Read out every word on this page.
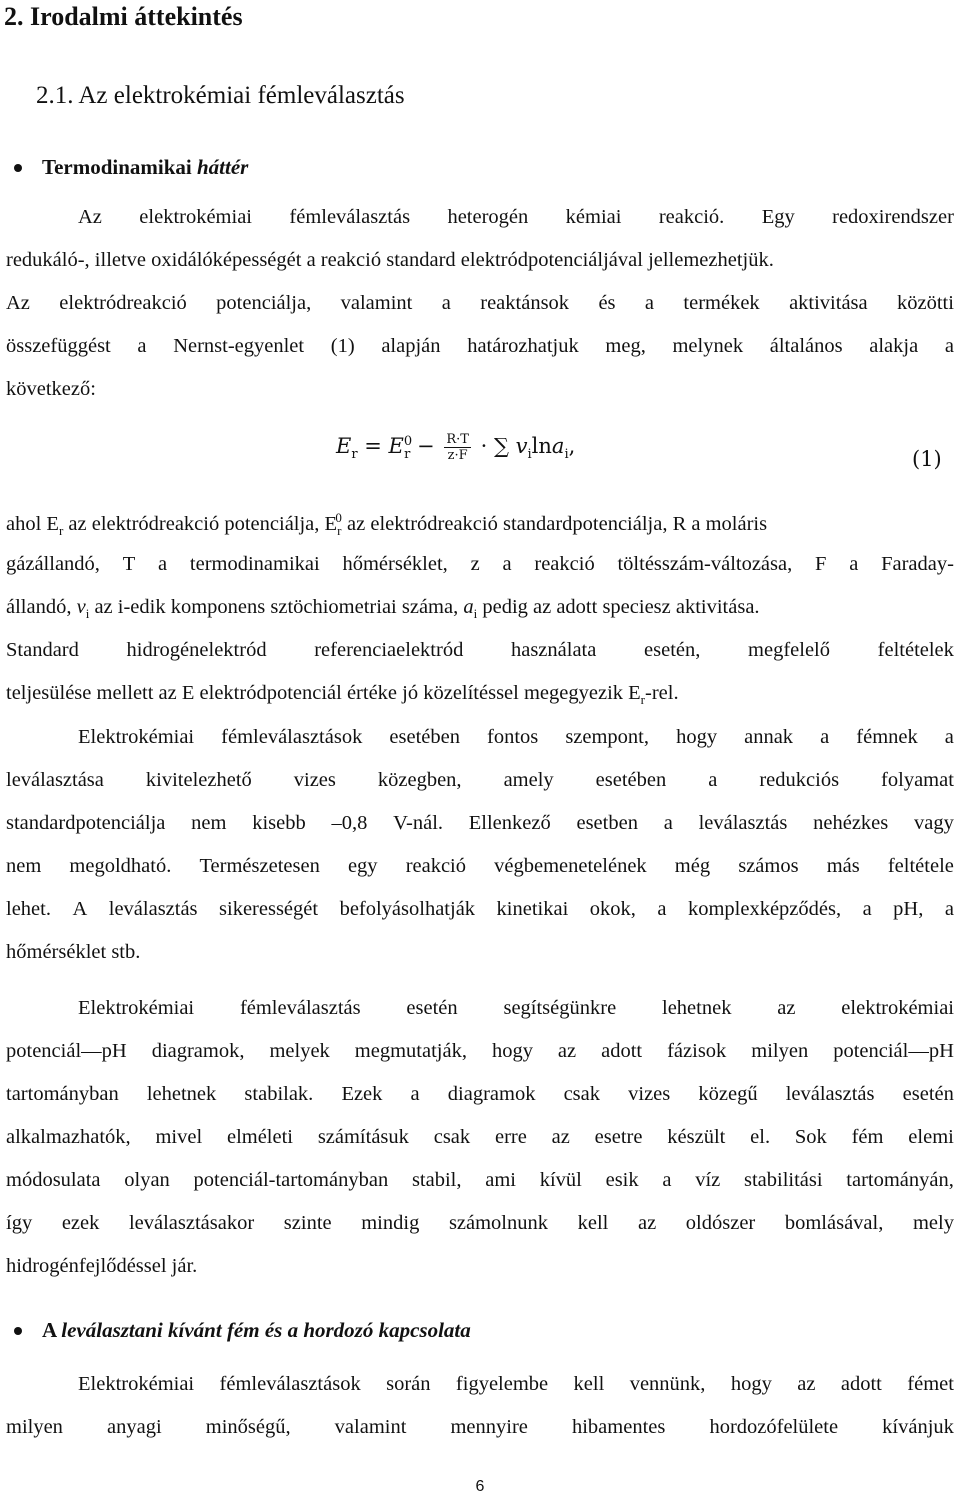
2. Irodalmi áttekintés
2.1. Az elektrokémiai fémleválasztás
Termodinamikai háttér
Az elektrokémiai fémleválasztás heterogén kémiai reakció. Egy redoxirendszer
redukáló-, illetve oxidálóképességét a reakció standard elektródpotenciáljával jellemezhetjük.
Az elektródreakció potenciálja, valamint a reaktánsok és a termékek aktivitása közötti
összefüggést a Nernst-egyenlet (1) alapján határozhatjuk meg, melynek általános alakja a
következő:
$E_r = E^0_r - \frac{R\cdot T}{z\cdot F}$ · ∑ $v_i\ln a_i$,
(1)
ahol $E_r$ az elektródreakció potenciálja, $E_r^0$ az elektródreakció standardpotenciálja, R a moláris
gázállandó, T a termodinamikai hőmérséklet, z a reakció töltésszám-változása, F a Faraday-
állandó, $v_i$ az i-edik komponens sztöchiometriai száma, $a_i$ pedig az adott speciesz aktivitása.
Standard hidrogénelektród referenciaelektród használata esetén, megfelelő feltételek
teljesülése mellett az E elektródpotenciál értéke jó közelítéssel megegyezik $E_r$-rel.
Elektrokémiai fémleválasztások esetében fontos szempont, hogy annak a fémnek a
leválasztása kivitelezhető vizes közegben, amely esetében a redukciós folyamat
standardpotenciálja nem kisebb –0,8 V-nál. Ellenkező esetben a leválasztás nehézkes vagy
nem megoldható. Természetesen egy reakció végbemenetelének még számos más feltétele
lehet. A leválasztás sikerességét befolyásolhatják kinetikai okok, a komplexképződés, a pH, a
hőmérséklet stb.
Elektrokémiai fémleválasztás esetén segítségünkre lehetnek az elektrokémiai
potenciál—pH diagramok, melyek megmutatják, hogy az adott fázisok milyen potenciál—pH
tartományban lehetnek stabilak. Ezek a diagramok csak vizes közegű leválasztás esetén
alkalmazhatók, mivel elméleti számításuk csak erre az esetre készült el. Sok fém elemi
módosulata olyan potenciál-tartományban stabil, ami kívül esik a víz stabilitási tartományán,
így ezek leválasztásakor szinte mindig számolnunk kell az oldószer bomlásával, mely
hidrogénfejlődéssel jár.
A leválasztani kívánt fém és a hordozó kapcsolata
Elektrokémiai fémleválasztások során figyelembe kell vennünk, hogy az adott fémet
milyen anyagi minőségű, valamint mennyire hibamentes hordozófelülete kívánjuk
6
